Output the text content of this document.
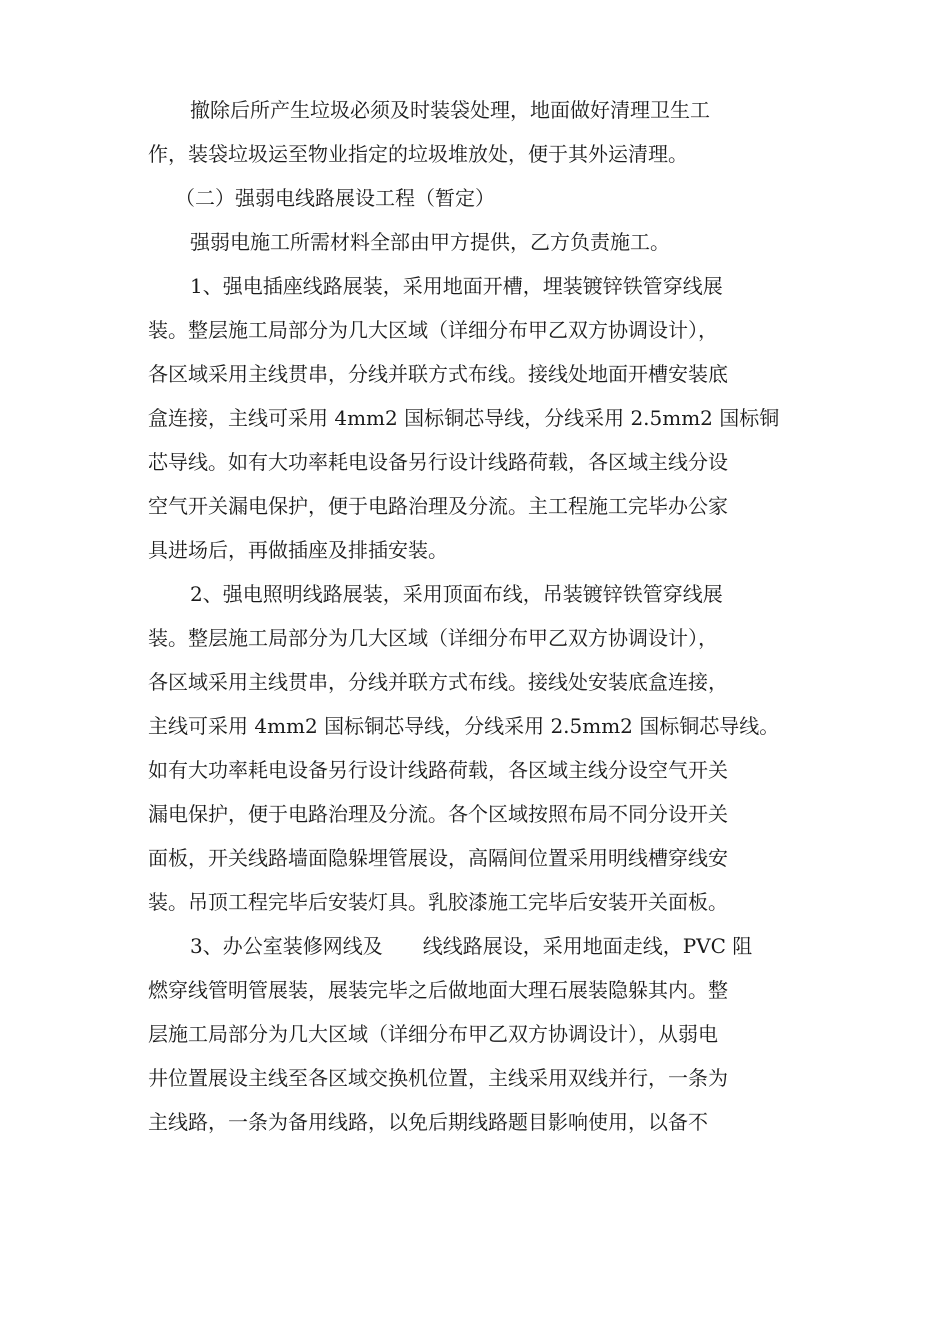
撤除后所产生垃圾必须及时装袋处理，地面做好清理卫生工
作，装袋垃圾运至物业指定的垃圾堆放处，便于其外运清理。
（二）强弱电线路展设工程（暂定）
强弱电施工所需材料全部由甲方提供，乙方负责施工。
1、强电插座线路展装，采用地面开槽，埋装镀锌铁管穿线展
装。整层施工局部分为几大区域（详细分布甲乙双方协调设计），
各区域采用主线贯串，分线并联方式布线。接线处地面开槽安装底
盒连接，主线可采用 4mm2 国标铜芯导线，分线采用 2.5mm2 国标铜
芯导线。如有大功率耗电设备另行设计线路荷载，各区域主线分设
空气开关漏电保护，便于电路治理及分流。主工程施工完毕办公家
具进场后，再做插座及排插安装。
2、强电照明线路展装，采用顶面布线，吊装镀锌铁管穿线展
装。整层施工局部分为几大区域（详细分布甲乙双方协调设计），
各区域采用主线贯串，分线并联方式布线。接线处安装底盒连接，
主线可采用 4mm2 国标铜芯导线，分线采用 2.5mm2 国标铜芯导线。
如有大功率耗电设备另行设计线路荷载，各区域主线分设空气开关
漏电保护，便于电路治理及分流。各个区域按照布局不同分设开关
面板，开关线路墙面隐躲埋管展设，高隔间位置采用明线槽穿线安
装。吊顶工程完毕后安装灯具。乳胶漆施工完毕后安装开关面板。
3、办公室装修网线及　　线线路展设，采用地面走线，PVC 阻
燃穿线管明管展装，展装完毕之后做地面大理石展装隐躲其内。整
层施工局部分为几大区域（详细分布甲乙双方协调设计），从弱电
井位置展设主线至各区域交换机位置，主线采用双线并行，一条为
主线路，一条为备用线路，以免后期线路题目影响使用，以备不
